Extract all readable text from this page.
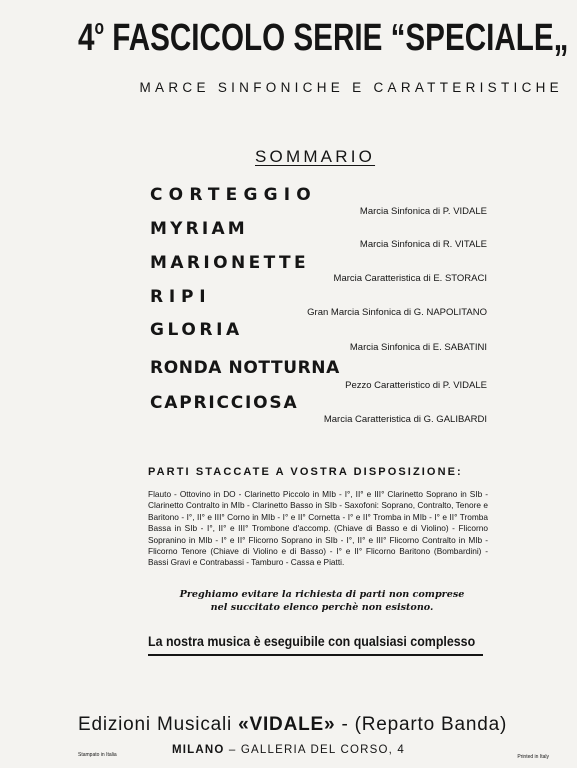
4$^o$ FASCICOLO SERIE “SPECIALE„
MARCE SINFONICHE E CARATTERISTICHE
SOMMARIO
CORTEGGIO
Marcia Sinfonica di P. VIDALE
MYRIAM
Marcia Sinfonica di R. VITALE
MARIONETTE
Marcia Caratteristica di E. STORACI
RIPI
Gran Marcia Sinfonica di G. NAPOLITANO
GLORIA
Marcia Sinfonica di E. SABATINI
RONDA NOTTURNA
Pezzo Caratteristico di P. VIDALE
CAPRICCIOSA
Marcia Caratteristica di G. GALIBARDI
PARTI STACCATE A VOSTRA DISPOSIZIONE:
Flauto - Ottovino in DO - Clarinetto Piccolo in MIb - I°, II° e III° Clarinetto Soprano in SIb - Clarinetto Contralto in MIb - Clarinetto Basso in SIb - Saxofoni: Soprano, Contralto, Tenore e Baritono - I°, II° e III° Corno in MIb - I° e II° Cornetta - I° e II° Tromba in MIb - I° e II° Tromba Bassa in SIb - I°, II° e III° Trombone d'accomp. (Chiave di Basso e di Violino) - Flicorno Sopranino in MIb - I° e II° Flicorno Soprano in SIb - I°, II° e III° Flicorno Contralto in MIb - Flicorno Tenore (Chiave di Violino e di Basso) - I° e II° Flicorno Baritono (Bombardini) - Bassi Gravi e Contrabassi - Tamburo - Cassa e Piatti.
Preghiamo evitare la richiesta di parti non comprese
nel succitato elenco perchè non esistono.
La nostra musica è eseguibile con qualsiasi complesso
Edizioni Musicali «VIDALE» - (Reparto Banda)
MILANO – GALLERIA DEL CORSO, 4
Stampato in Italia	Printed in Italy
